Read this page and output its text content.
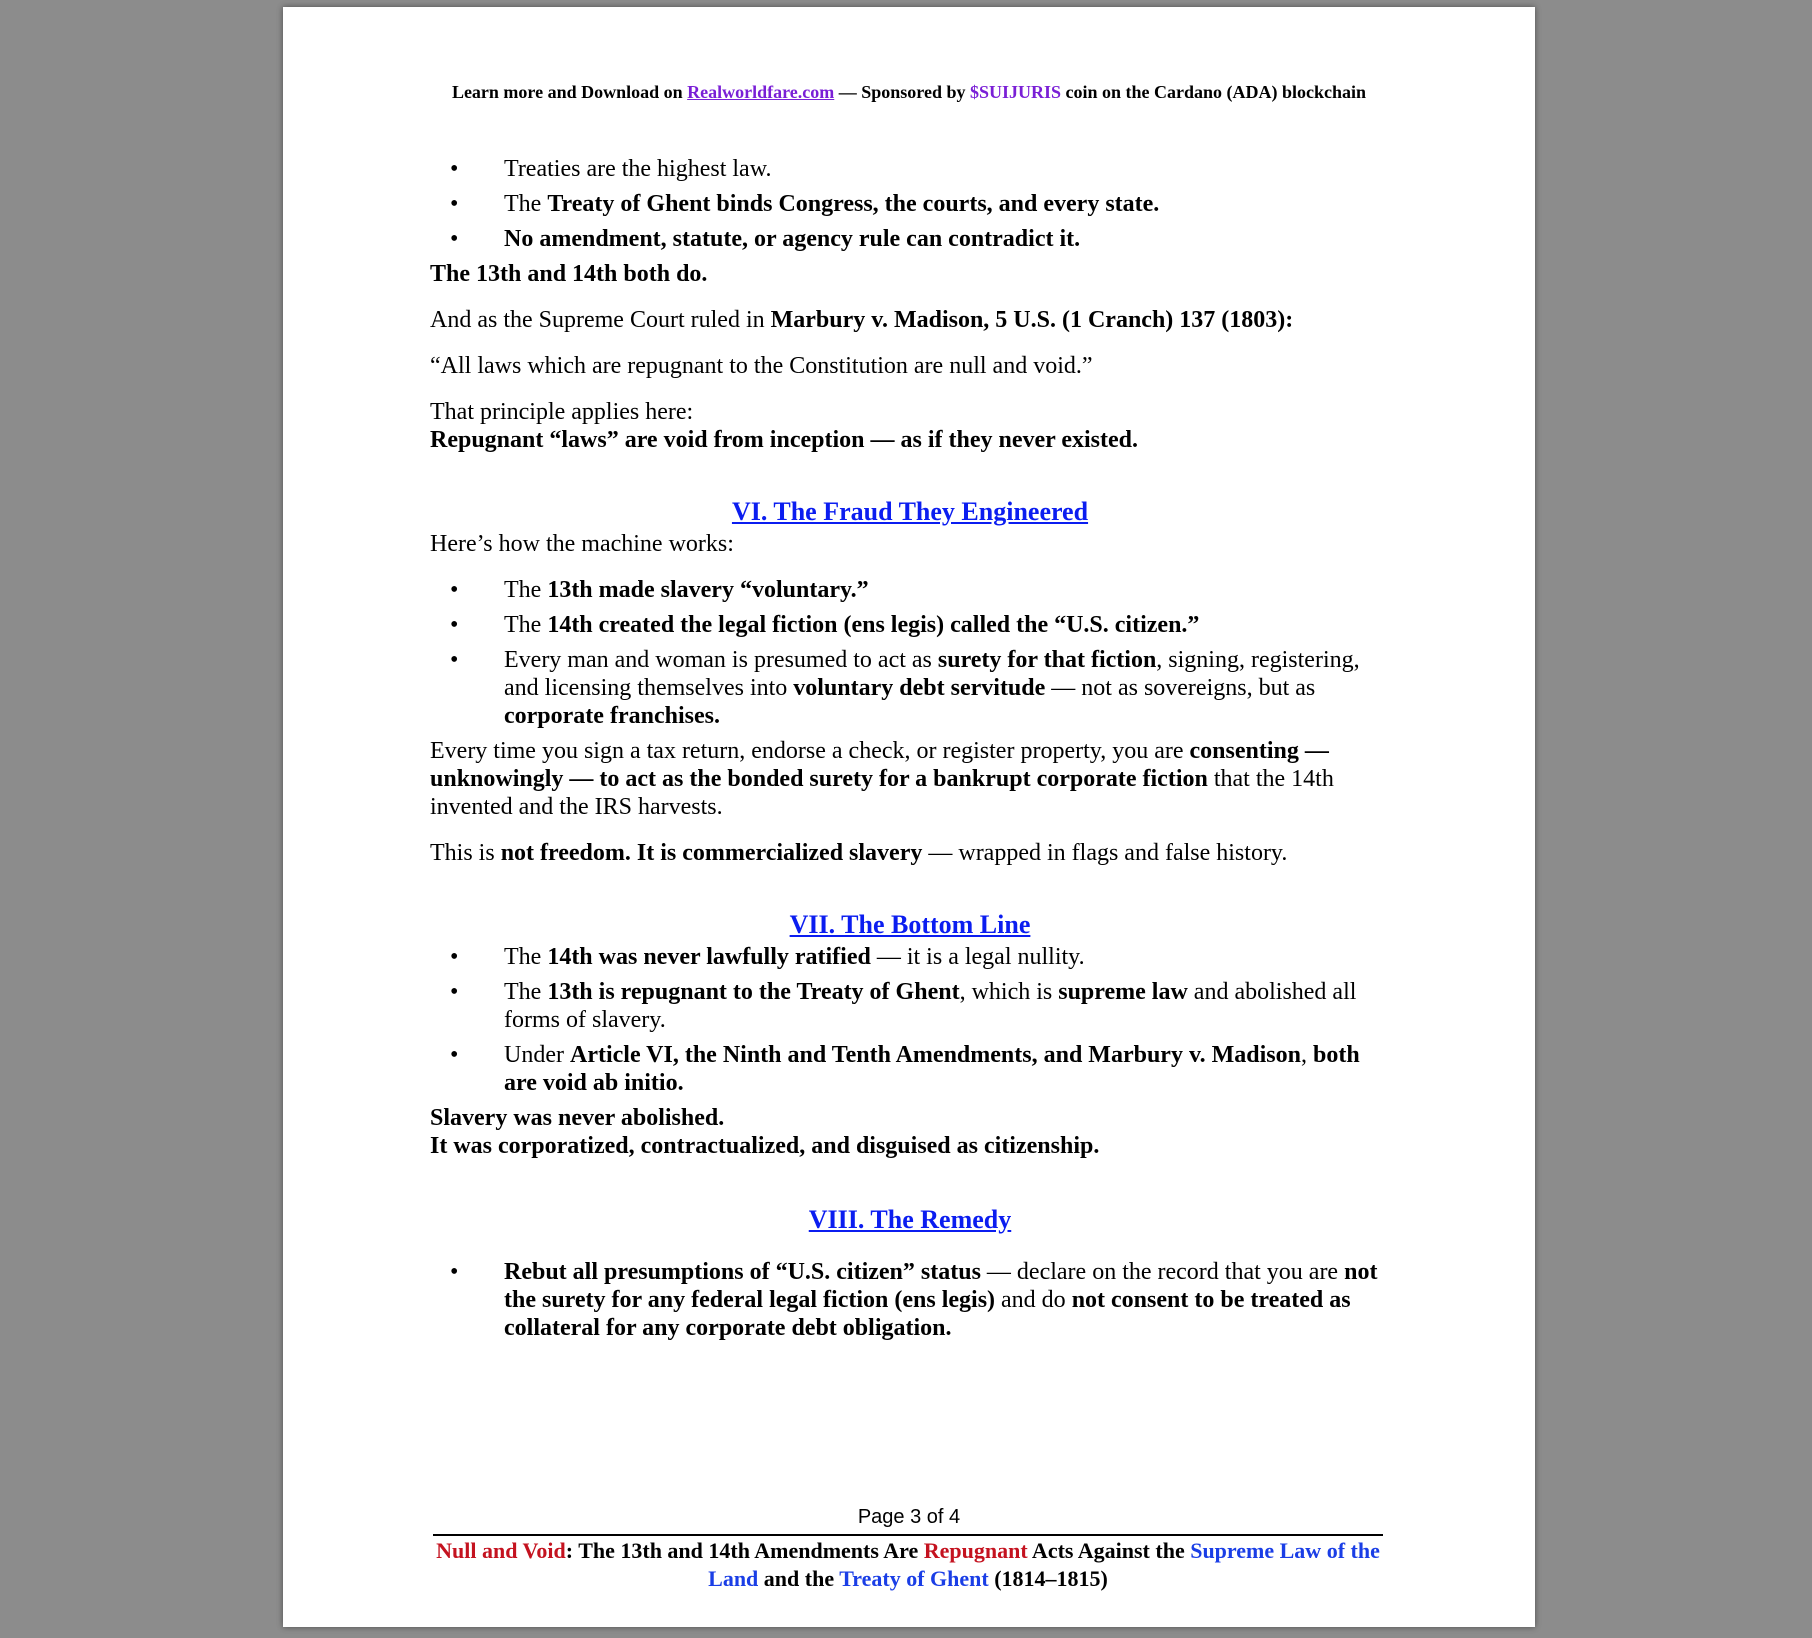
Learn more and Download on Realworldfare.com — Sponsored by $SUIJURIS coin on the Cardano (ADA) blockchain
• Treaties are the highest law.
• The Treaty of Ghent binds Congress, the courts, and every state.
• No amendment, statute, or agency rule can contradict it.

The 13th and 14th both do.

And as the Supreme Court ruled in Marbury v. Madison, 5 U.S. (1 Cranch) 137 (1803):

“All laws which are repugnant to the Constitution are null and void.”

That principle applies here:

Repugnant “laws” are void from inception — as if they never existed.

VI. The Fraud They Engineered

Here’s how the machine works:

• The 13th made slavery “voluntary.”
• The 14th created the legal fiction (ens legis) called the “U.S. citizen.”
• Every man and woman is presumed to act as surety for that fiction, signing, registering, and licensing themselves into voluntary debt servitude — not as sovereigns, but as corporate franchises.

Every time you sign a tax return, endorse a check, or register property, you are consenting — unknowingly — to act as the bonded surety for a bankrupt corporate fiction that the 14th invented and the IRS harvests.

This is not freedom. It is commercialized slavery — wrapped in flags and false history.

VII. The Bottom Line
• The 14th was never lawfully ratified — it is a legal nullity.
• The 13th is repugnant to the Treaty of Ghent, which is supreme law and abolished all forms of slavery.
• Under Article VI, the Ninth and Tenth Amendments, and Marbury v. Madison, both are void ab initio.

Slavery was never abolished.

It was corporatized, contractualized, and disguised as citizenship.

VIII. The Remedy
• Rebut all presumptions of “U.S. citizen” status — declare on the record that you are not the surety for any federal legal fiction (ens legis) and do not consent to be treated as collateral for any corporate debt obligation.
Page 3 of 4
Null and Void: The 13th and 14th Amendments Are Repugnant Acts Against the Supreme Law of the Land and the Treaty of Ghent (1814–1815)
